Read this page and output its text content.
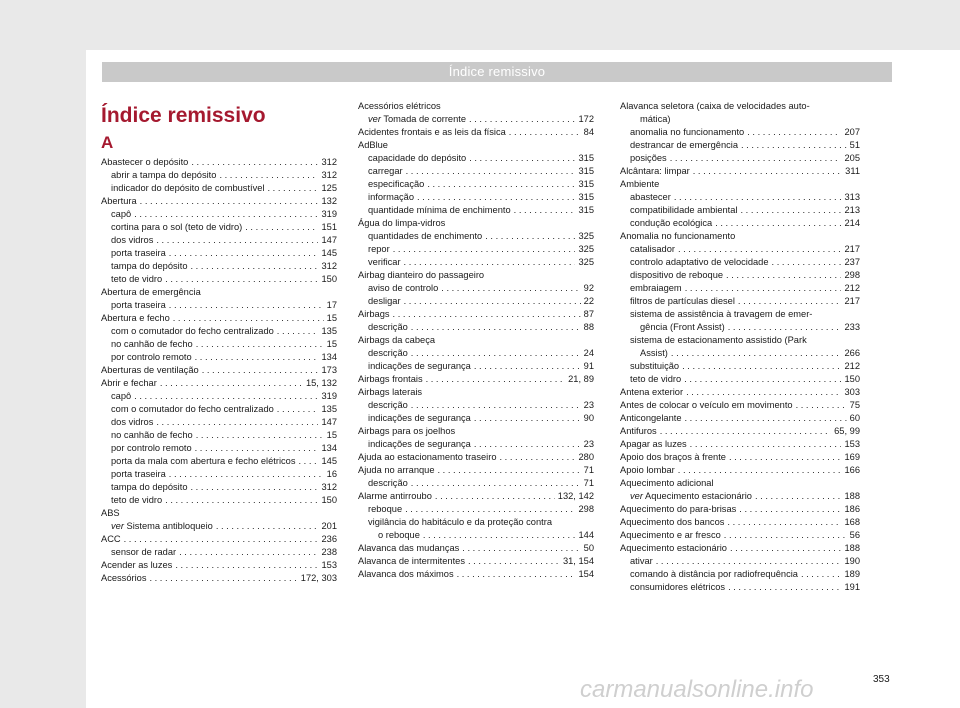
Índice remissivo
Índice remissivo
A
Abastecer o depósito . . .	312
abrir a tampa do depósito . . .	312
indicador do depósito de combustível . . .	125
Abertura . . .	132
capô . . .	319
cortina para o sol (teto de vidro) . . .	151
dos vidros . . .	147
porta traseira . . .	145
tampa do depósito . . .	312
teto de vidro . . .	150
Abertura de emergência
porta traseira . . .	17
Abertura e fecho . . .	15
com o comutador do fecho centralizado . . .	135
no canhão de fecho . . .	15
por controlo remoto . . .	134
Aberturas de ventilação . . .	173
Abrir e fechar . . .	15, 132
capô . . .	319
com o comutador do fecho centralizado . . .	135
dos vidros . . .	147
no canhão de fecho . . .	15
por controlo remoto . . .	134
porta da mala com abertura e fecho elétricos . . .	145
porta traseira . . .	16
tampa do depósito . . .	312
teto de vidro . . .	150
ABS
ver Sistema antibloqueio . . .	201
ACC . . .	236
sensor de radar . . .	238
Acender as luzes . . .	153
Acessórios . . .	172, 303
Acessórios elétricos
ver Tomada de corrente . . .	172
Acidentes frontais e as leis da física . . .	84
AdBlue
capacidade do depósito . . .	315
carregar . . .	315
especificação . . .	315
informação . . .	315
quantidade mínima de enchimento . . .	315
Água do limpa-vidros
quantidades de enchimento . . .	325
repor . . .	325
verificar . . .	325
Airbag dianteiro do passageiro
aviso de controlo . . .	92
desligar . . .	22
Airbags . . .	87
descrição . . .	88
Airbags da cabeça
descrição . . .	24
indicações de segurança . . .	91
Airbags frontais . . .	21, 89
Airbags laterais
descrição . . .	23
indicações de segurança . . .	90
Airbags para os joelhos
indicações de segurança . . .	23
Ajuda ao estacionamento traseiro . . .	280
Ajuda no arranque . . .	71
descrição . . .	71
Alarme antirroubo . . .	132, 142
reboque . . .	298
vigilância do habitáculo e da proteção contra
o reboque . . .	144
Alavanca das mudanças . . .	50
Alavanca de intermitentes . . .	31, 154
Alavanca dos máximos . . .	154
Alavanca seletora (caixa de velocidades auto-
mática)
anomalia no funcionamento . . .	207
destrancar de emergência . . .	51
posições . . .	205
Alcântara: limpar . . .	311
Ambiente
abastecer . . .	313
compatibilidade ambiental . . .	213
condução ecológica . . .	214
Anomalia no funcionamento
catalisador . . .	217
controlo adaptativo de velocidade . . .	237
dispositivo de reboque . . .	298
embraiagem . . .	212
filtros de partículas diesel . . .	217
sistema de assistência à travagem de emer-
gência (Front Assist) . . .	233
sistema de estacionamento assistido (Park
Assist) . . .	266
substituição . . .	212
teto de vidro . . .	150
Antena exterior . . .	303
Antes de colocar o veículo em movimento . . .	75
Anticongelante . . .	60
Antifuros . . .	65, 99
Apagar as luzes . . .	153
Apoio dos braços à frente . . .	169
Apoio lombar . . .	166
Aquecimento adicional
ver Aquecimento estacionário . . .	188
Aquecimento do para-brisas . . .	186
Aquecimento dos bancos . . .	168
Aquecimento e ar fresco . . .	56
Aquecimento estacionário . . .	188
ativar . . .	190
comando à distância por radiofrequência . . .	189
consumidores elétricos . . .	191
353
carmanualsonline.info
